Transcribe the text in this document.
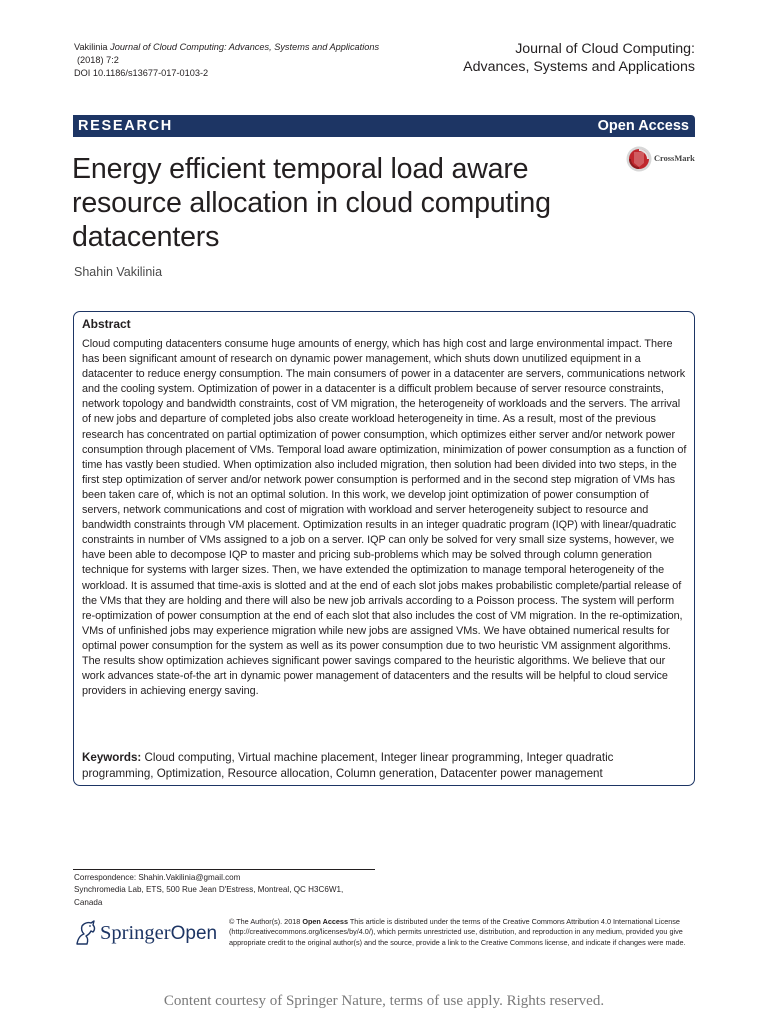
Vakilinia Journal of Cloud Computing: Advances, Systems and Applications
(2018) 7:2
DOI 10.1186/s13677-017-0103-2
Journal of Cloud Computing:
Advances, Systems and Applications
RESEARCH	Open Access
Energy efficient temporal load aware resource allocation in cloud computing datacenters
CrossMark
Shahin Vakilinia
Abstract
Cloud computing datacenters consume huge amounts of energy, which has high cost and large environmental impact. There has been significant amount of research on dynamic power management, which shuts down unutilized equipment in a datacenter to reduce energy consumption. The main consumers of power in a datacenter are servers, communications network and the cooling system. Optimization of power in a datacenter is a difficult problem because of server resource constraints, network topology and bandwidth constraints, cost of VM migration, the heterogeneity of workloads and the servers. The arrival of new jobs and departure of completed jobs also create workload heterogeneity in time. As a result, most of the previous research has concentrated on partial optimization of power consumption, which optimizes either server and/or network power consumption through placement of VMs. Temporal load aware optimization, minimization of power consumption as a function of time has vastly been studied. When optimization also included migration, then solution had been divided into two steps, in the first step optimization of server and/or network power consumption is performed and in the second step migration of VMs has been taken care of, which is not an optimal solution. In this work, we develop joint optimization of power consumption of servers, network communications and cost of migration with workload and server heterogeneity subject to resource and bandwidth constraints through VM placement. Optimization results in an integer quadratic program (IQP) with linear/quadratic constraints in number of VMs assigned to a job on a server. IQP can only be solved for very small size systems, however, we have been able to decompose IQP to master and pricing sub-problems which may be solved through column generation technique for systems with larger sizes. Then, we have extended the optimization to manage temporal heterogeneity of the workload. It is assumed that time-axis is slotted and at the end of each slot jobs makes probabilistic complete/partial release of the VMs that they are holding and there will also be new job arrivals according to a Poisson process. The system will perform re-optimization of power consumption at the end of each slot that also includes the cost of VM migration. In the re-optimization, VMs of unfinished jobs may experience migration while new jobs are assigned VMs. We have obtained numerical results for optimal power consumption for the system as well as its power consumption due to two heuristic VM assignment algorithms. The results show optimization achieves significant power savings compared to the heuristic algorithms. We believe that our work advances state-of-the art in dynamic power management of datacenters and the results will be helpful to cloud service providers in achieving energy saving.
Keywords: Cloud computing, Virtual machine placement, Integer linear programming, Integer quadratic programming, Optimization, Resource allocation, Column generation, Datacenter power management
Correspondence: Shahin.Vakilinia@gmail.com
Synchromedia Lab, ETS, 500 Rue Jean D'Estress, Montreal, QC H3C6W1,
Canada
SpringerOpen
© The Author(s). 2018 Open Access This article is distributed under the terms of the Creative Commons Attribution 4.0 International License (http://creativecommons.org/licenses/by/4.0/), which permits unrestricted use, distribution, and reproduction in any medium, provided you give appropriate credit to the original author(s) and the source, provide a link to the Creative Commons license, and indicate if changes were made.
Content courtesy of Springer Nature, terms of use apply. Rights reserved.
